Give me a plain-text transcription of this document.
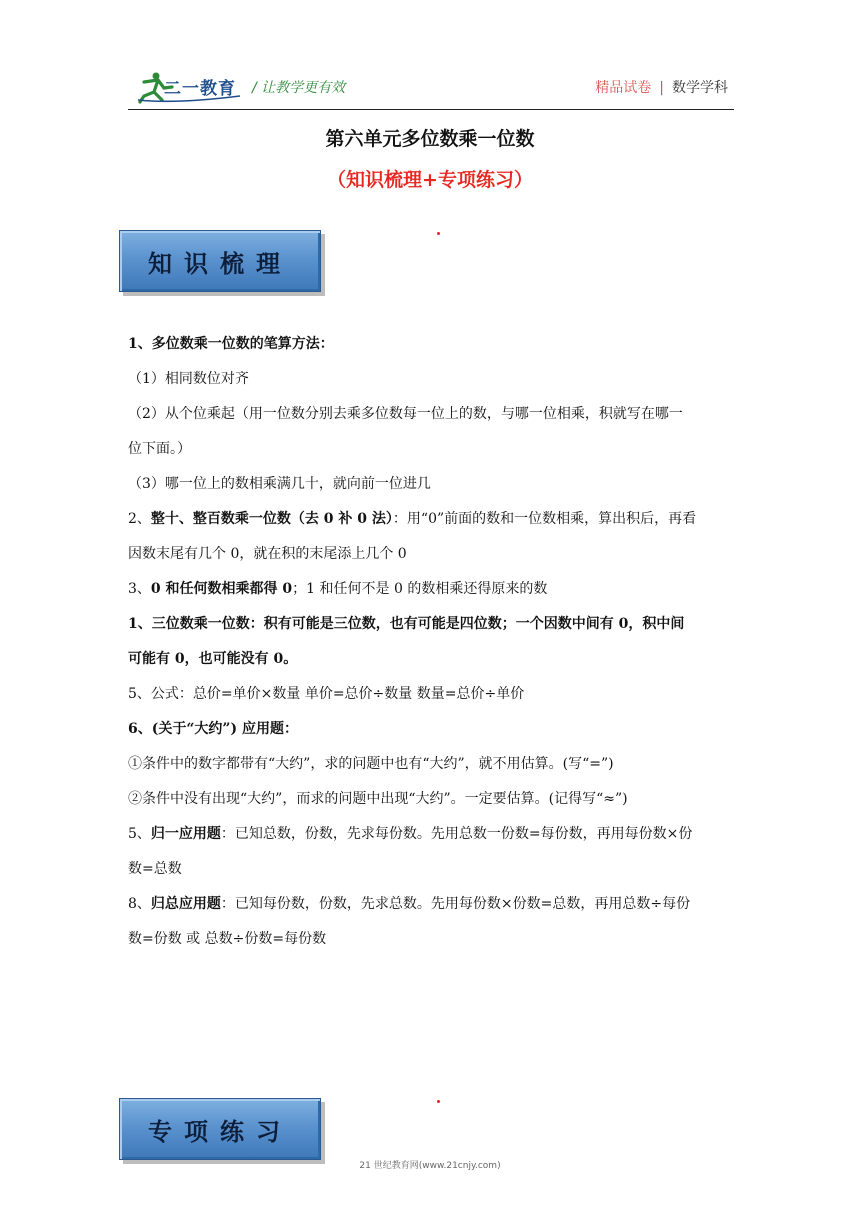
二一教育 / 让教学更有效	精品试卷 | 数学学科
第六单元多位数乘一位数
（知识梳理+专项练习）
知识梳理

1、多位数乘一位数的笔算方法：

（1）相同数位对齐

（2）从个位乘起（用一位数分别去乘多位数每一位上的数，与哪一位相乘，积就写在哪一

位下面。）

（3）哪一位上的数相乘满几十，就向前一位进几

2、整十、整百数乘一位数（去 0 补 0 法）：用“0”前面的数和一位数相乘，算出积后，再看

因数末尾有几个 0，就在积的末尾添上几个 0

3、0 和任何数相乘都得 0；1 和任何不是 0 的数相乘还得原来的数

1、三位数乘一位数：积有可能是三位数，也有可能是四位数；一个因数中间有 0，积中间

可能有 0，也可能没有 0。

5、公式：总价=单价×数量 单价=总价÷数量 数量=总价÷单价

6、(关于“大约”) 应用题：

①条件中的数字都带有“大约”，求的问题中也有“大约”，就不用估算。(写“=”)

②条件中没有出现“大约”，而求的问题中出现“大约”。一定要估算。(记得写“≈”)

5、归一应用题：已知总数，份数，先求每份数。先用总数一份数=每份数，再用每份数×份

数=总数

8、归总应用题：已知每份数，份数，先求总数。先用每份数×份数=总数，再用总数÷每份

数=份数 或 总数÷份数=每份数

专项练习
21 世纪教育网(www.21cnjy.com)
